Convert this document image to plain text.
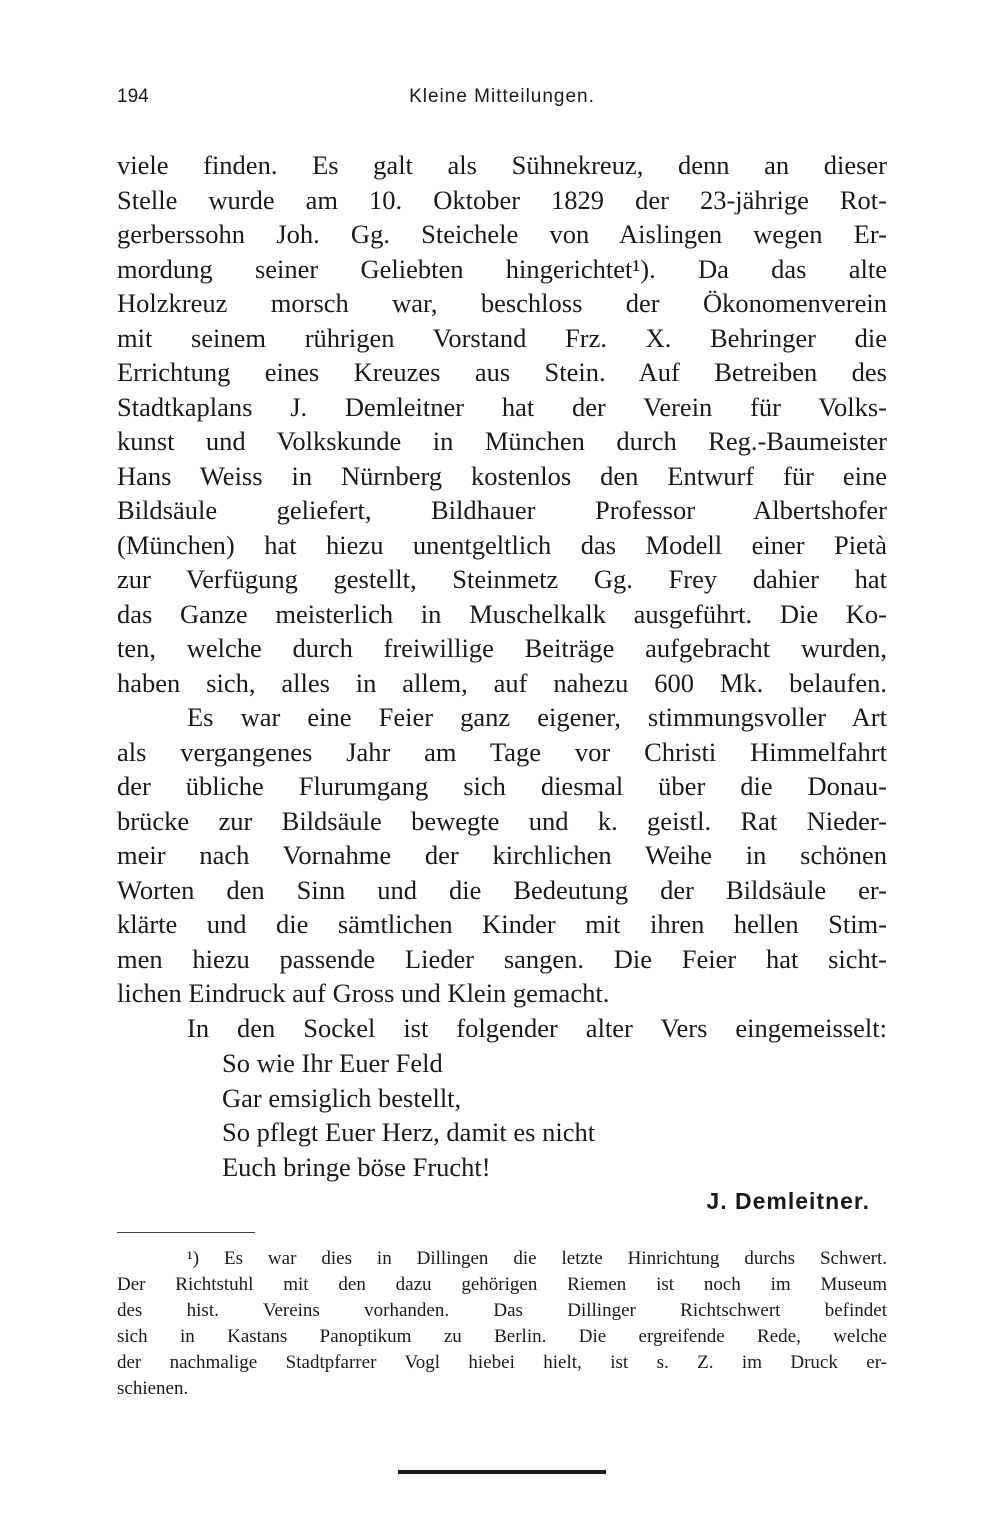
194	Kleine Mitteilungen.
viele finden. Es galt als Sühnekreuz, denn an dieser
Stelle wurde am 10. Oktober 1829 der 23-jährige Rot-
gerberssohn Joh. Gg. Steichele von Aislingen wegen Er-
mordung seiner Geliebten hingerichtet¹). Da das alte
Holzkreuz morsch war, beschloss der Ökonomenverein
mit seinem rührigen Vorstand Frz. X. Behringer die
Errichtung eines Kreuzes aus Stein. Auf Betreiben des
Stadtkaplans J. Demleitner hat der Verein für Volks-
kunst und Volkskunde in München durch Reg.-Baumeister
Hans Weiss in Nürnberg kostenlos den Entwurf für eine
Bildsäule geliefert, Bildhauer Professor Albertshofer
(München) hat hiezu unentgeltlich das Modell einer Pietà
zur Verfügung gestellt, Steinmetz Gg. Frey dahier hat
das Ganze meisterlich in Muschelkalk ausgeführt. Die Ko-
ten, welche durch freiwillige Beiträge aufgebracht wurden,
haben sich, alles in allem, auf nahezu 600 Mk. belaufen.
Es war eine Feier ganz eigener, stimmungsvoller Art
als vergangenes Jahr am Tage vor Christi Himmelfahrt
der übliche Flurumgang sich diesmal über die Donau-
brücke zur Bildsäule bewegte und k. geistl. Rat Nieder-
meir nach Vornahme der kirchlichen Weihe in schönen
Worten den Sinn und die Bedeutung der Bildsäule er-
klärte und die sämtlichen Kinder mit ihren hellen Stim-
men hiezu passende Lieder sangen. Die Feier hat sicht-
lichen Eindruck auf Gross und Klein gemacht.
In den Sockel ist folgender alter Vers eingemeisselt:
So wie Ihr Euer Feld
Gar emsiglich bestellt,
So pflegt Euer Herz, damit es nicht
Euch bringe böse Frucht!
J. Demleitner.
¹) Es war dies in Dillingen die letzte Hinrichtung durchs Schwert.
Der Richtstuhl mit den dazu gehörigen Riemen ist noch im Museum
des hist. Vereins vorhanden. Das Dillinger Richtschwert befindet
sich in Kastans Panoptikum zu Berlin. Die ergreifende Rede, welche
der nachmalige Stadtpfarrer Vogl hiebei hielt, ist s. Z. im Druck er-
schienen.
